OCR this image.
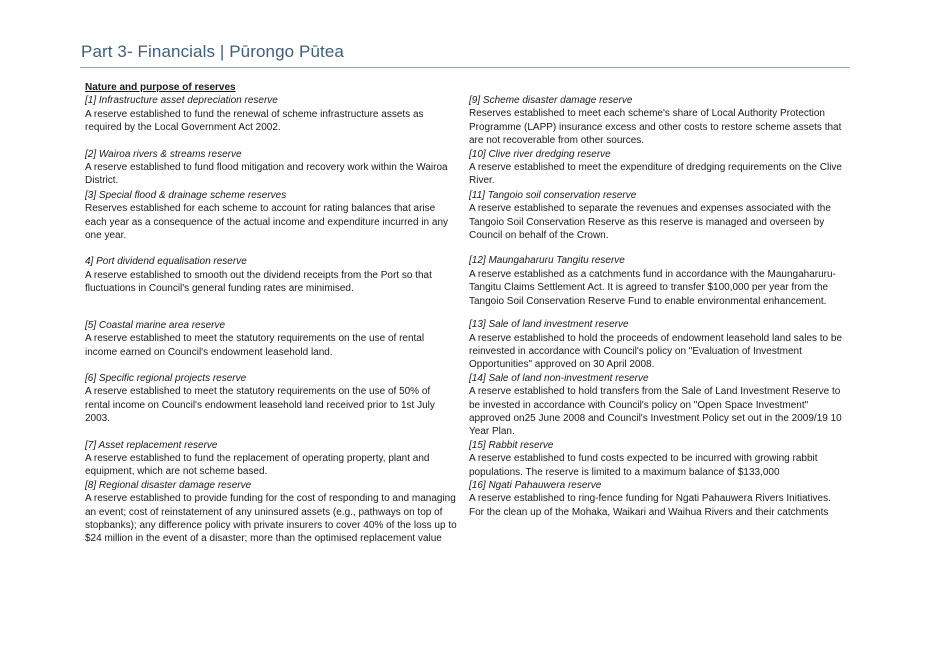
Part 3- Financials | Pūrongo Pūtea

Nature and purpose of reserves

[1] Infrastructure asset depreciation reserve
A reserve established to fund the renewal of scheme infrastructure assets as required by the Local Government Act 2002.
[2] Wairoa rivers & streams reserve
A reserve established to fund flood mitigation and recovery work within the Wairoa District.
[3] Special flood & drainage scheme reserves
Reserves established for each scheme to account for rating balances that arise each year as a consequence of the actual income and expenditure incurred in any one year.
4] Port dividend equalisation reserve
A reserve established to smooth out the dividend receipts from the Port so that fluctuations in Council's general funding rates are minimised.
[5] Coastal marine area reserve
A reserve established to meet the statutory requirements on the use of rental income earned on Council's endowment leasehold land.
[6] Specific regional projects reserve
A reserve established to meet the statutory requirements on the use of 50% of rental income on Council's endowment leasehold land received prior to 1st July 2003.
[7] Asset replacement reserve
A reserve established to fund the replacement of operating property, plant and equipment, which are not scheme based.
[8] Regional disaster damage reserve
A reserve established to provide funding for the cost of responding to and managing an event; cost of reinstatement of any uninsured assets (e.g., pathways on top of stopbanks); any difference policy with private insurers to cover 40% of the loss up to $24 million in the event of a disaster; more than the optimised replacement value
[9] Scheme disaster damage reserve
Reserves established to meet each scheme's share of Local Authority Protection Programme (LAPP) insurance excess and other costs to restore scheme assets that are not recoverable from other sources.
[10] Clive river dredging reserve
A reserve established to meet the expenditure of dredging requirements on the Clive River.
[11] Tangoio soil conservation reserve
A reserve established to separate the revenues and expenses associated with the Tangoio Soil Conservation Reserve as this reserve is managed and overseen by Council on behalf of the Crown.
[12] Maungaharuru Tangitu reserve
A reserve established as a catchments fund in accordance with the Maungaharuru-Tangitu Claims Settlement Act. It is agreed to transfer $100,000 per year from the Tangoio Soil Conservation Reserve Fund to enable environmental enhancement.
[13] Sale of land investment reserve
A reserve established to hold the proceeds of endowment leasehold land sales to be reinvested in accordance with Council's policy on "Evaluation of Investment Opportunities" approved on 30 April 2008.
[14] Sale of land non-investment reserve
A reserve established to hold transfers from the Sale of Land Investment Reserve to be invested in accordance with Council's policy on "Open Space Investment" approved on25 June 2008 and Council's Investment Policy set out in the 2009/19 10 Year Plan.
[15] Rabbit reserve
A reserve established to fund costs expected to be incurred with growing rabbit populations. The reserve is limited to a maximum balance of $133,000
[16] Ngati Pahauwera reserve
A reserve established to ring-fence funding for Ngati Pahauwera Rivers Initiatives. For the clean up of the Mohaka, Waikari and Waihua Rivers and their catchments
